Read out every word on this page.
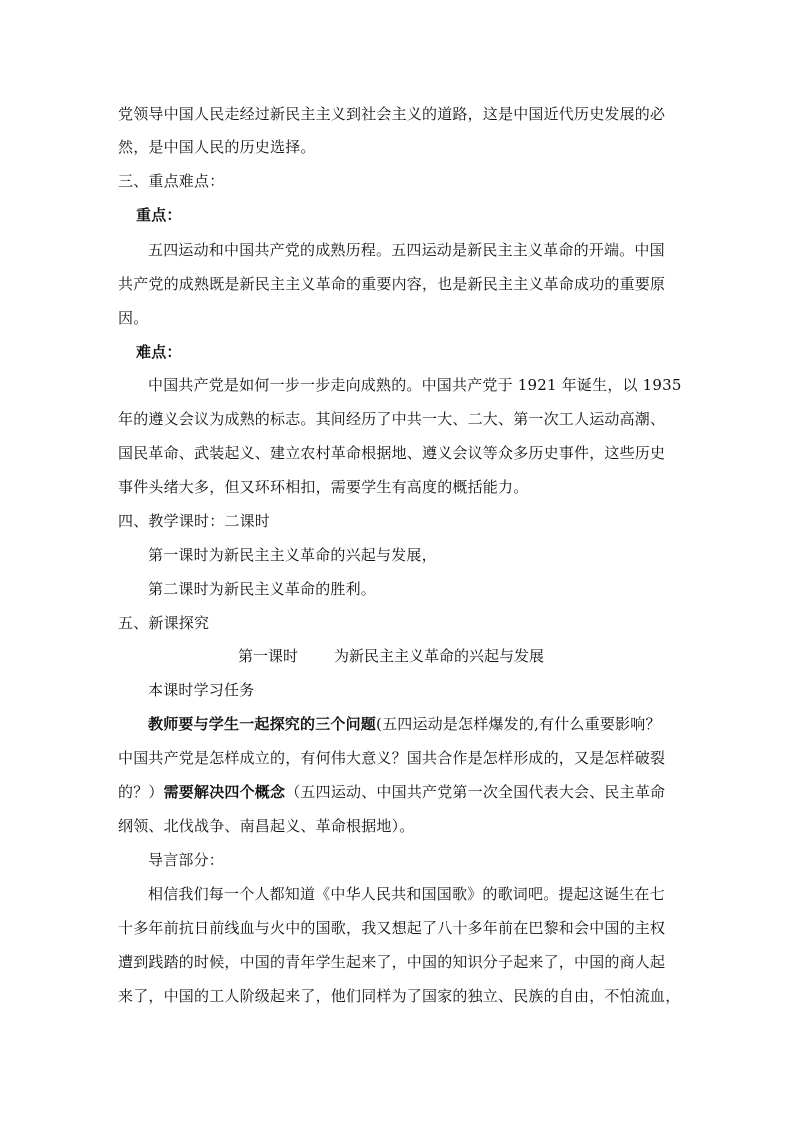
党领导中国人民走经过新民主主义到社会主义的道路，这是中国近代历史发展的必
然，是中国人民的历史选择。
三、重点难点：
重点：
五四运动和中国共产党的成熟历程。五四运动是新民主主义革命的开端。中国
共产党的成熟既是新民主主义革命的重要内容，也是新民主主义革命成功的重要原
因。
难点：
中国共产党是如何一步一步走向成熟的。中国共产党于 1921 年诞生，以 1935
年的遵义会议为成熟的标志。其间经历了中共一大、二大、第一次工人运动高潮、
国民革命、武装起义、建立农村革命根据地、遵义会议等众多历史事件，这些历史
事件头绪大多，但又环环相扣，需要学生有高度的概括能力。
四、教学课时：二课时
第一课时为新民主主义革命的兴起与发展，
第二课时为新民主义革命的胜利。
五、新课探究
第一课时 为新民主主义革命的兴起与发展
本课时学习任务
教师要与学生一起探究的三个问题(五四运动是怎样爆发的,有什么重要影响？
中国共产党是怎样成立的，有何伟大意义？国共合作是怎样形成的，又是怎样破裂
的？）需要解决四个概念（五四运动、中国共产党第一次全国代表大会、民主革命
纲领、北伐战争、南昌起义、革命根据地）。
导言部分：
相信我们每一个人都知道《中华人民共和国国歌》的歌词吧。提起这诞生在七
十多年前抗日前线血与火中的国歌，我又想起了八十多年前在巴黎和会中国的主权
遭到践踏的时候，中国的青年学生起来了，中国的知识分子起来了，中国的商人起
来了，中国的工人阶级起来了，他们同样为了国家的独立、民族的自由，不怕流血，
